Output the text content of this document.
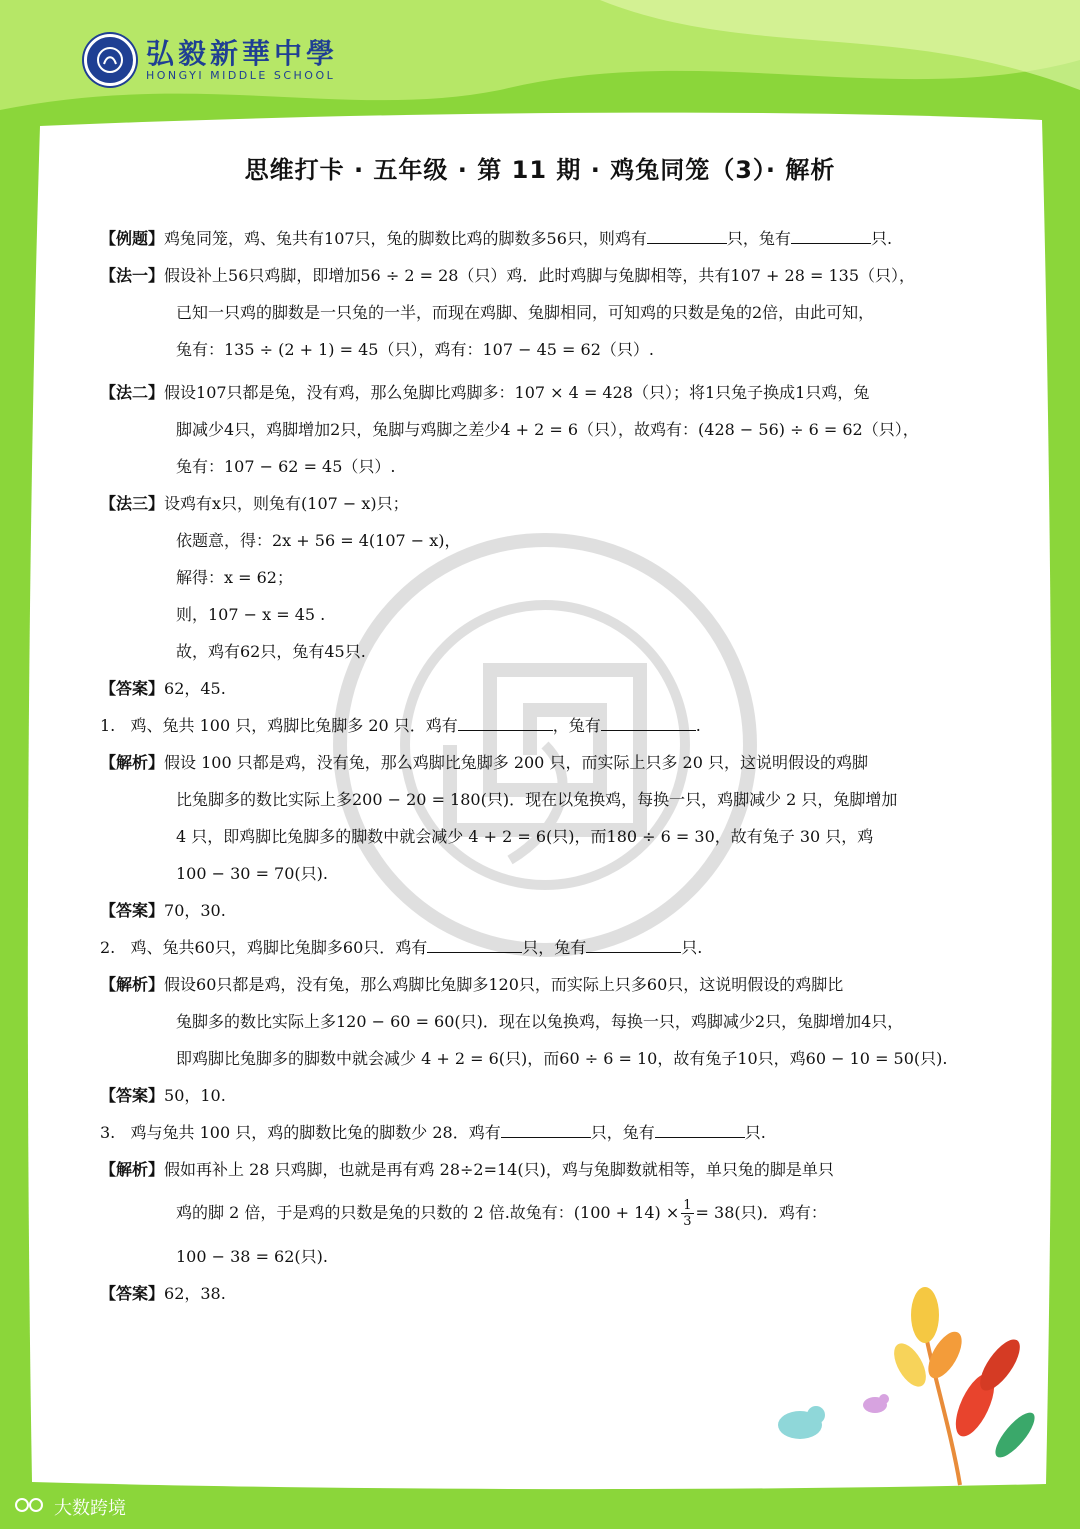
弘毅新華中學
HONGYI MIDDLE SCHOOL
思维打卡 · 五年级 · 第 11 期 · 鸡兔同笼（3）· 解析
【例题】鸡兔同笼，鸡、兔共有107只，兔的脚数比鸡的脚数多56只，则鸡有	只，兔有	只.
【法一】假设补上56只鸡脚，即增加56 ÷ 2 = 28（只）鸡．此时鸡脚与兔脚相等，共有107 + 28 = 135（只），
已知一只鸡的脚数是一只兔的一半，而现在鸡脚、兔脚相同，可知鸡的只数是兔的2倍，由此可知，
兔有：135 ÷ (2 + 1) = 45（只），鸡有：107 − 45 = 62（只）.
【法二】假设107只都是兔，没有鸡，那么兔脚比鸡脚多：107 × 4 = 428（只）；将1只兔子换成1只鸡，兔
脚减少4只，鸡脚增加2只，兔脚与鸡脚之差少4 + 2 = 6（只），故鸡有：(428 − 56) ÷ 6 = 62（只），
兔有：107 − 62 = 45（只）.
【法三】设鸡有x只，则兔有(107 − x)只；
依题意，得：2x + 56 = 4(107 − x)，
解得：x = 62；
则，107 − x = 45 .
故，鸡有62只，兔有45只.
【答案】62，45.
1. 鸡、兔共 100 只，鸡脚比兔脚多 20 只．鸡有	，兔有	.
【解析】假设 100 只都是鸡，没有兔，那么鸡脚比兔脚多 200 只，而实际上只多 20 只，这说明假设的鸡脚
比兔脚多的数比实际上多200 − 20 = 180(只)．现在以兔换鸡，每换一只，鸡脚减少 2 只，兔脚增加
4 只，即鸡脚比兔脚多的脚数中就会减少 4 + 2 = 6(只)，而180 ÷ 6 = 30，故有兔子 30 只，鸡
100 − 30 = 70(只).
【答案】70，30.
2. 鸡、兔共60只，鸡脚比兔脚多60只．鸡有	只，兔有	只.
【解析】假设60只都是鸡，没有兔，那么鸡脚比兔脚多120只，而实际上只多60只，这说明假设的鸡脚比
兔脚多的数比实际上多120 − 60 = 60(只)．现在以兔换鸡，每换一只，鸡脚减少2只，兔脚增加4只，
即鸡脚比兔脚多的脚数中就会减少 4 + 2 = 6(只)，而60 ÷ 6 = 10，故有兔子10只，鸡60 − 10 = 50(只).
【答案】50，10.
3. 鸡与兔共 100 只，鸡的脚数比兔的脚数少 28．鸡有	只，兔有	只.
【解析】假如再补上 28 只鸡脚，也就是再有鸡 28÷2=14(只)，鸡与兔脚数就相等，单只兔的脚是单只
鸡的脚 2 倍，于是鸡的只数是兔的只数的 2 倍.故兔有：$(100 + 14) \times \frac{1}{3} = 38$(只)．鸡有：
100 − 38 = 62(只).
【答案】62，38.
大数跨境
